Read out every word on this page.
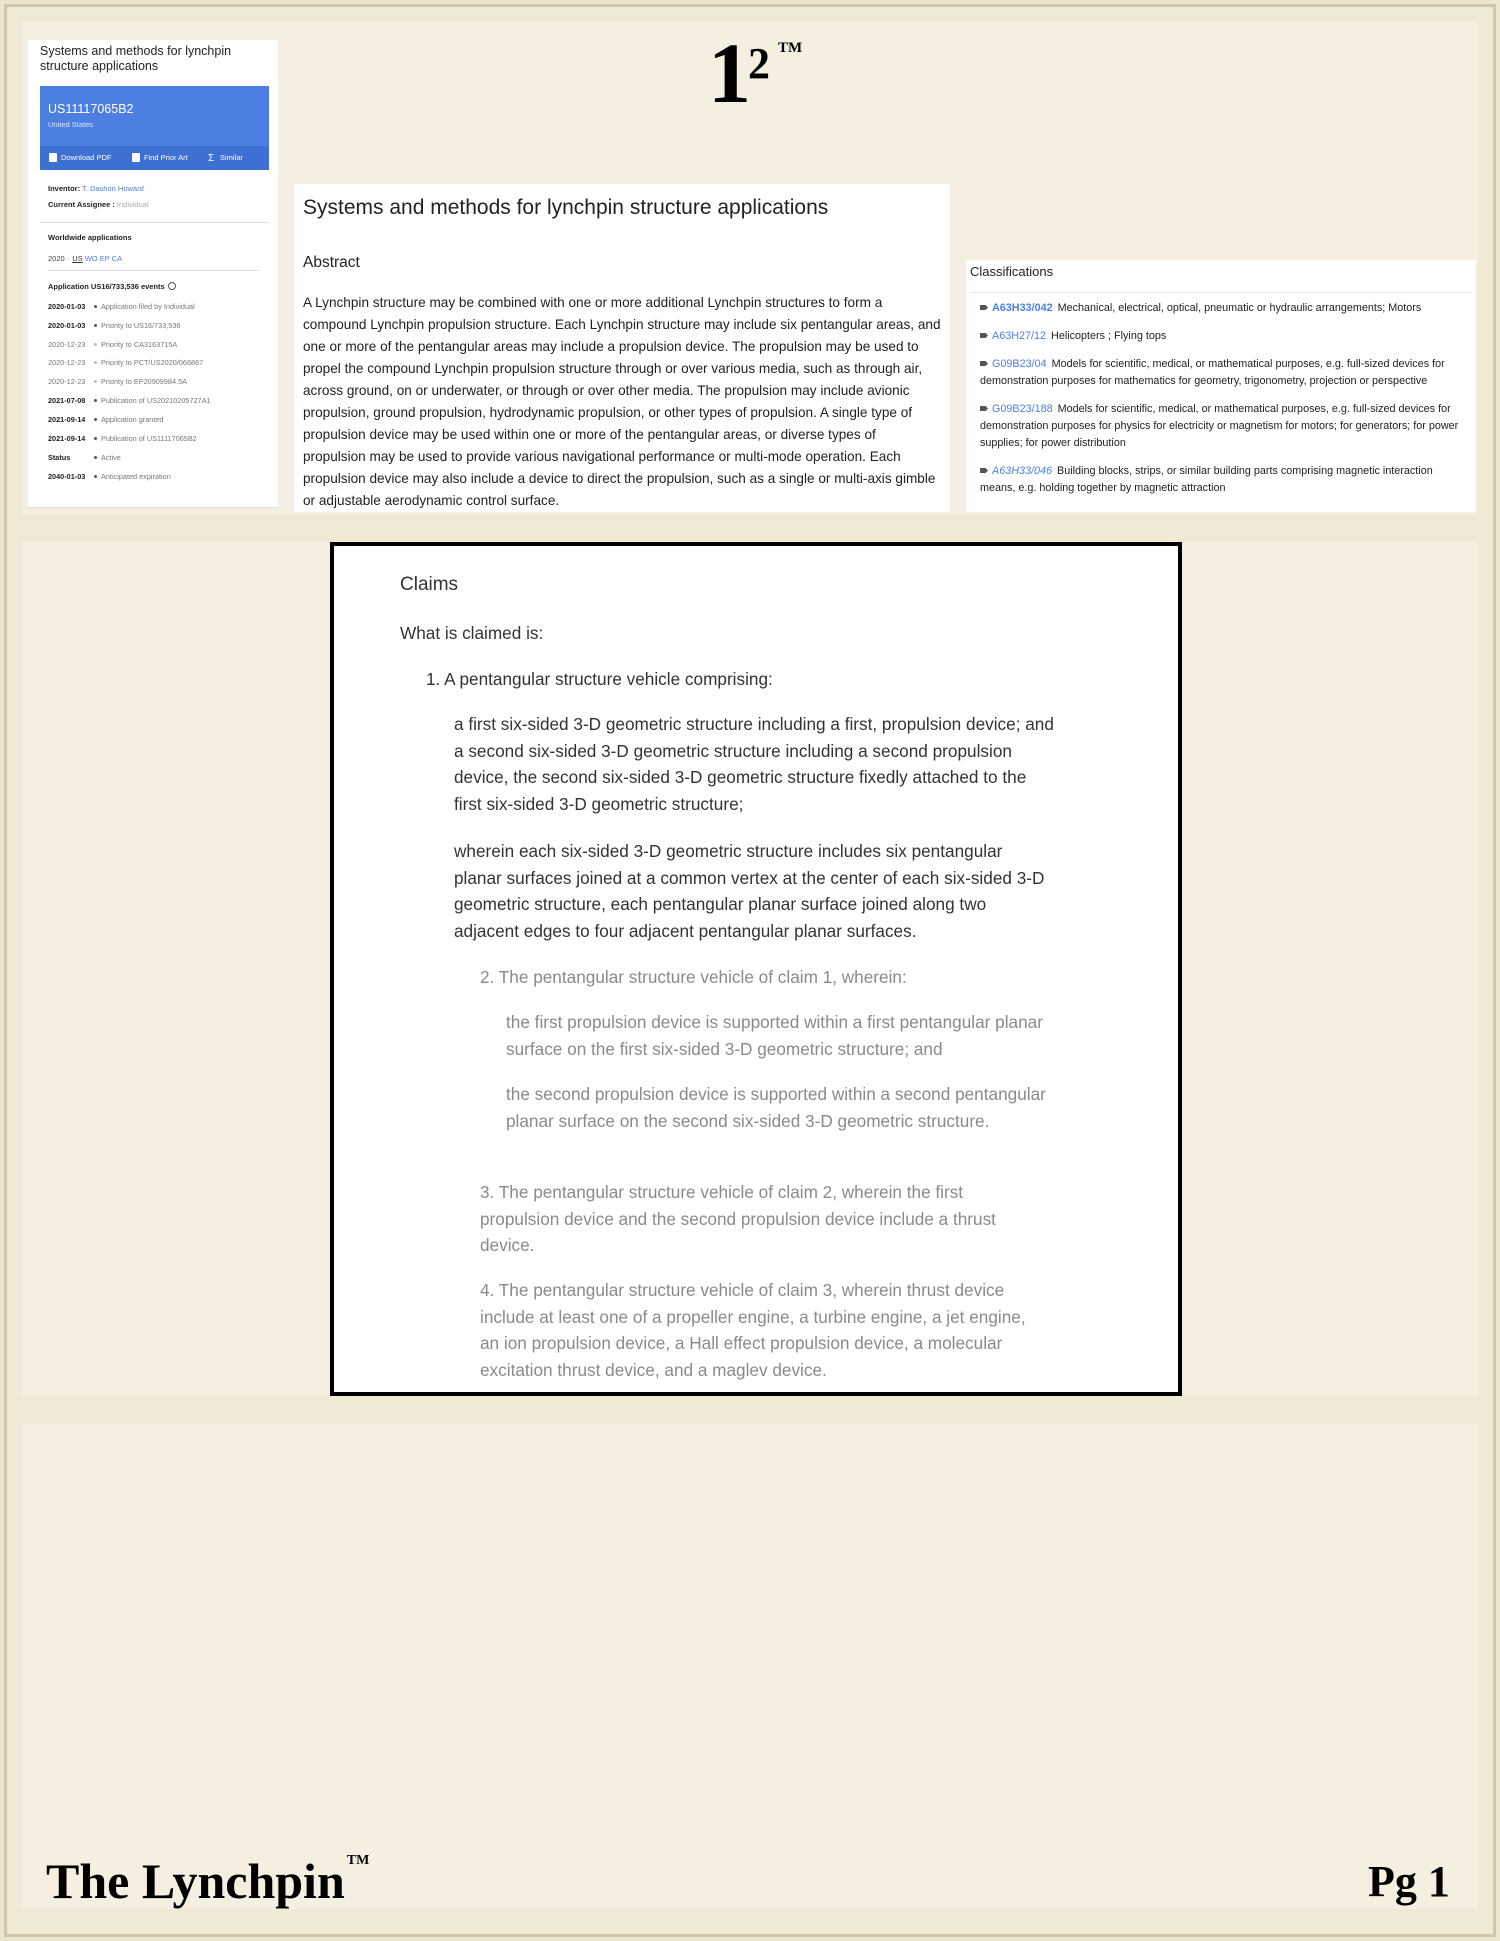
1
2 TM
Systems and methods for lynchpin structure applications
US11117065B2
United States
Download PDF	Find Prior Art Σ Similar
Inventor: T. Dashon Howard
Current Assignee : Individual
Worldwide applications
2020 · US WO EP CA
Application US16/733,536 events
2020-01-03 Application filed by Individual
2020-01-03 Priority to US16/733,536
2020-12-23 Priority to CA3163715A
2020-12-23 Priority to PCT/US2020/066867
2020-12-23 Priority to EP20909984.5A
2021-07-08 Publication of US20210205727A1
2021-09-14 Application granted
2021-09-14 Publication of US11117065B2
Status	Active
2040-01-03 Anticipated expiration
Systems and methods for lynchpin structure applications
Abstract
A Lynchpin structure may be combined with one or more additional Lynchpin structures to form a compound Lynchpin propulsion structure. Each Lynchpin structure may include six pentangular areas, and one or more of the pentangular areas may include a propulsion device. The propulsion may be used to propel the compound Lynchpin propulsion structure through or over various media, such as through air, across ground, on or underwater, or through or over other media. The propulsion may include avionic propulsion, ground propulsion, hydrodynamic propulsion, or other types of propulsion. A single type of propulsion device may be used within one or more of the pentangular areas, or diverse types of propulsion may be used to provide various navigational performance or multi-mode operation. Each propulsion device may also include a device to direct the propulsion, such as a single or multi-axis gimble or adjustable aerodynamic control surface.
Classifications
A63H33/042 Mechanical, electrical, optical, pneumatic or hydraulic arrangements; Motors
A63H27/12 Helicopters ; Flying tops
G09B23/04 Models for scientific, medical, or mathematical purposes, e.g. full-sized devices for demonstration purposes for mathematics for geometry, trigonometry, projection or perspective
G09B23/188 Models for scientific, medical, or mathematical purposes, e.g. full-sized devices for demonstration purposes for physics for electricity or magnetism for motors; for generators; for power supplies; for power distribution
A63H33/046 Building blocks, strips, or similar building parts comprising magnetic interaction means, e.g. holding together by magnetic attraction
Claims
What is claimed is:
1. A pentangular structure vehicle comprising:
a first six-sided 3-D geometric structure including a first, propulsion device; and a second six-sided 3-D geometric structure including a second propulsion device, the second six-sided 3-D geometric structure fixedly attached to the first six-sided 3-D geometric structure;
wherein each six-sided 3-D geometric structure includes six pentangular planar surfaces joined at a common vertex at the center of each six-sided 3-D geometric structure, each pentangular planar surface joined along two adjacent edges to four adjacent pentangular planar surfaces.
2. The pentangular structure vehicle of claim 1, wherein:
the first propulsion device is supported within a first pentangular planar surface on the first six-sided 3-D geometric structure; and
the second propulsion device is supported within a second pentangular planar surface on the second six-sided 3-D geometric structure.
3. The pentangular structure vehicle of claim 2, wherein the first propulsion device and the second propulsion device include a thrust device.
4. The pentangular structure vehicle of claim 3, wherein thrust device include at least one of a propeller engine, a turbine engine, a jet engine, an ion propulsion device, a Hall effect propulsion device, a molecular excitation thrust device, and a maglev device.
The Lynchpin ™	Pg 1
